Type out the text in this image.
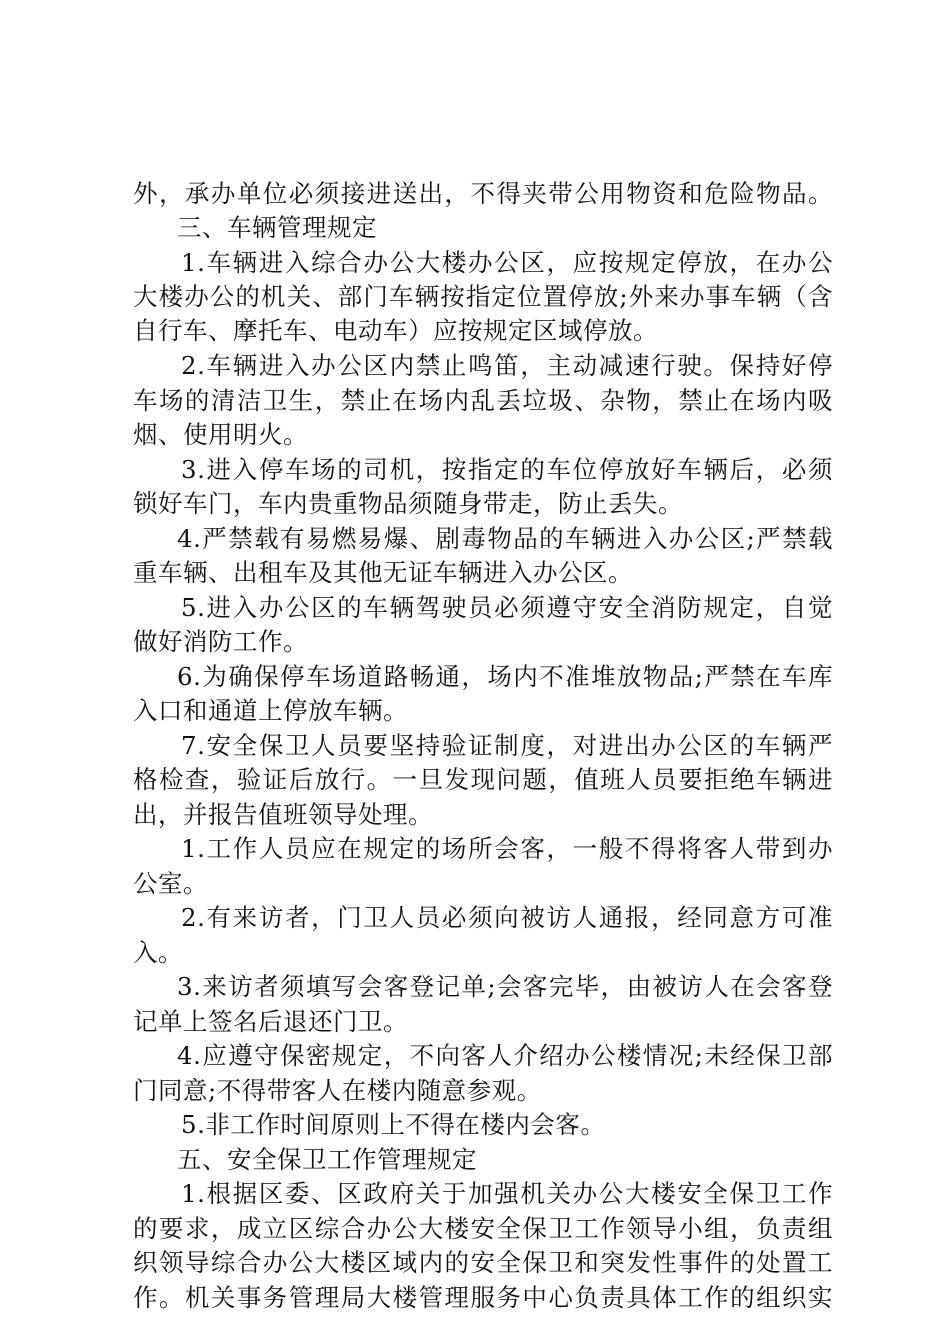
外，承办单位必须接进送出，不得夹带公用物资和危险物品。
三、车辆管理规定
1.车辆进入综合办公大楼办公区，应按规定停放，在办公
大楼办公的机关、部门车辆按指定位置停放;外来办事车辆（含
自行车、摩托车、电动车）应按规定区域停放。
2.车辆进入办公区内禁止鸣笛，主动减速行驶。保持好停
车场的清洁卫生，禁止在场内乱丢垃圾、杂物，禁止在场内吸
烟、使用明火。
3.进入停车场的司机，按指定的车位停放好车辆后，必须
锁好车门，车内贵重物品须随身带走，防止丢失。
4.严禁载有易燃易爆、剧毒物品的车辆进入办公区;严禁载
重车辆、出租车及其他无证车辆进入办公区。
5.进入办公区的车辆驾驶员必须遵守安全消防规定，自觉
做好消防工作。
6.为确保停车场道路畅通，场内不准堆放物品;严禁在车库
入口和通道上停放车辆。
7.安全保卫人员要坚持验证制度，对进出办公区的车辆严
格检查，验证后放行。一旦发现问题，值班人员要拒绝车辆进
出，并报告值班领导处理。
1.工作人员应在规定的场所会客，一般不得将客人带到办
公室。
2.有来访者，门卫人员必须向被访人通报，经同意方可准
入。
3.来访者须填写会客登记单;会客完毕，由被访人在会客登
记单上签名后退还门卫。
4.应遵守保密规定，不向客人介绍办公楼情况;未经保卫部
门同意;不得带客人在楼内随意参观。
5.非工作时间原则上不得在楼内会客。
五、安全保卫工作管理规定
1.根据区委、区政府关于加强机关办公大楼安全保卫工作
的要求，成立区综合办公大楼安全保卫工作领导小组，负责组
织领导综合办公大楼区域内的安全保卫和突发性事件的处置工
作。机关事务管理局大楼管理服务中心负责具体工作的组织实
